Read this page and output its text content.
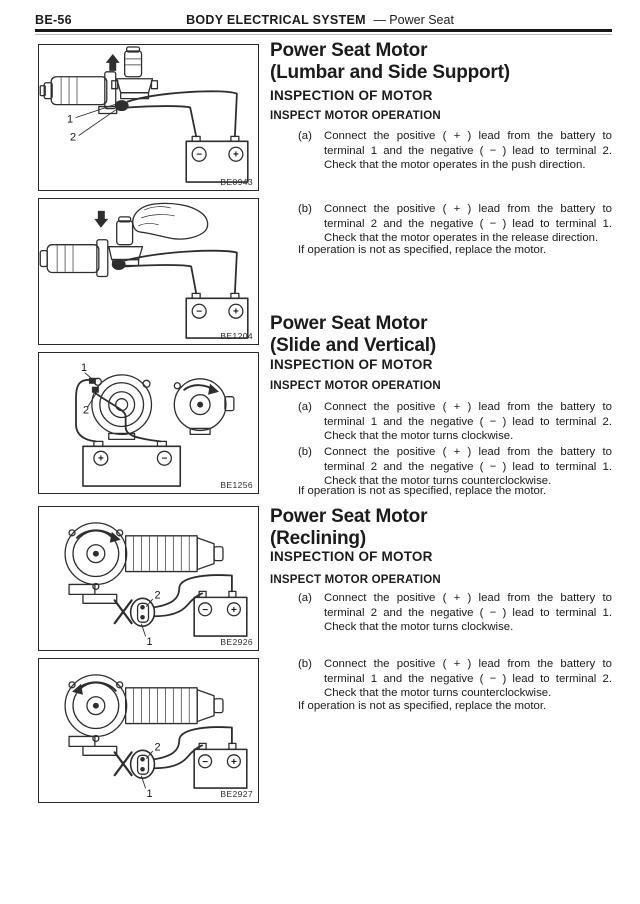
BE-56	BODY ELECTRICAL SYSTEM — Power Seat
−	+
1
2
BE0943
−	+
BE1204
+	−
1
2
BE1256
− +
2
1	BE2926
− +
2
1	BE2927
Power Seat Motor
(Lumbar and Side Support)
INSPECTION OF MOTOR
INSPECT MOTOR OPERATION
(a)	Connect the positive ( + ) lead from the battery to terminal 1 and the negative ( − ) lead to terminal 2. Check that the motor operates in the push direction.
(b)	Connect the positive ( + ) lead from the battery to terminal 2 and the negative ( − ) lead to terminal 1. Check that the motor operates in the release direction.
If operation is not as specified, replace the motor.
Power Seat Motor
(Slide and Vertical)
INSPECTION OF MOTOR
INSPECT MOTOR OPERATION
(a)	Connect the positive ( + ) lead from the battery to terminal 1 and the negative ( − ) lead to terminal 2. Check that the motor turns clockwise.
(b)	Connect the positive ( + ) lead from the battery to terminal 2 and the negative ( − ) lead to terminal 1. Check that the motor turns counterclockwise.
If operation is not as specified, replace the motor.
Power Seat Motor
(Reclining)
INSPECTION OF MOTOR
INSPECT MOTOR OPERATION
(a)	Connect the positive ( + ) lead from the battery to terminal 2 and the negative ( − ) lead to terminal 1. Check that the motor turns clockwise.
(b)	Connect the positive ( + ) lead from the battery to terminal 1 and the negative ( − ) lead to terminal 2. Check that the motor turns counterclockwise.
If operation is not as specified, replace the motor.
